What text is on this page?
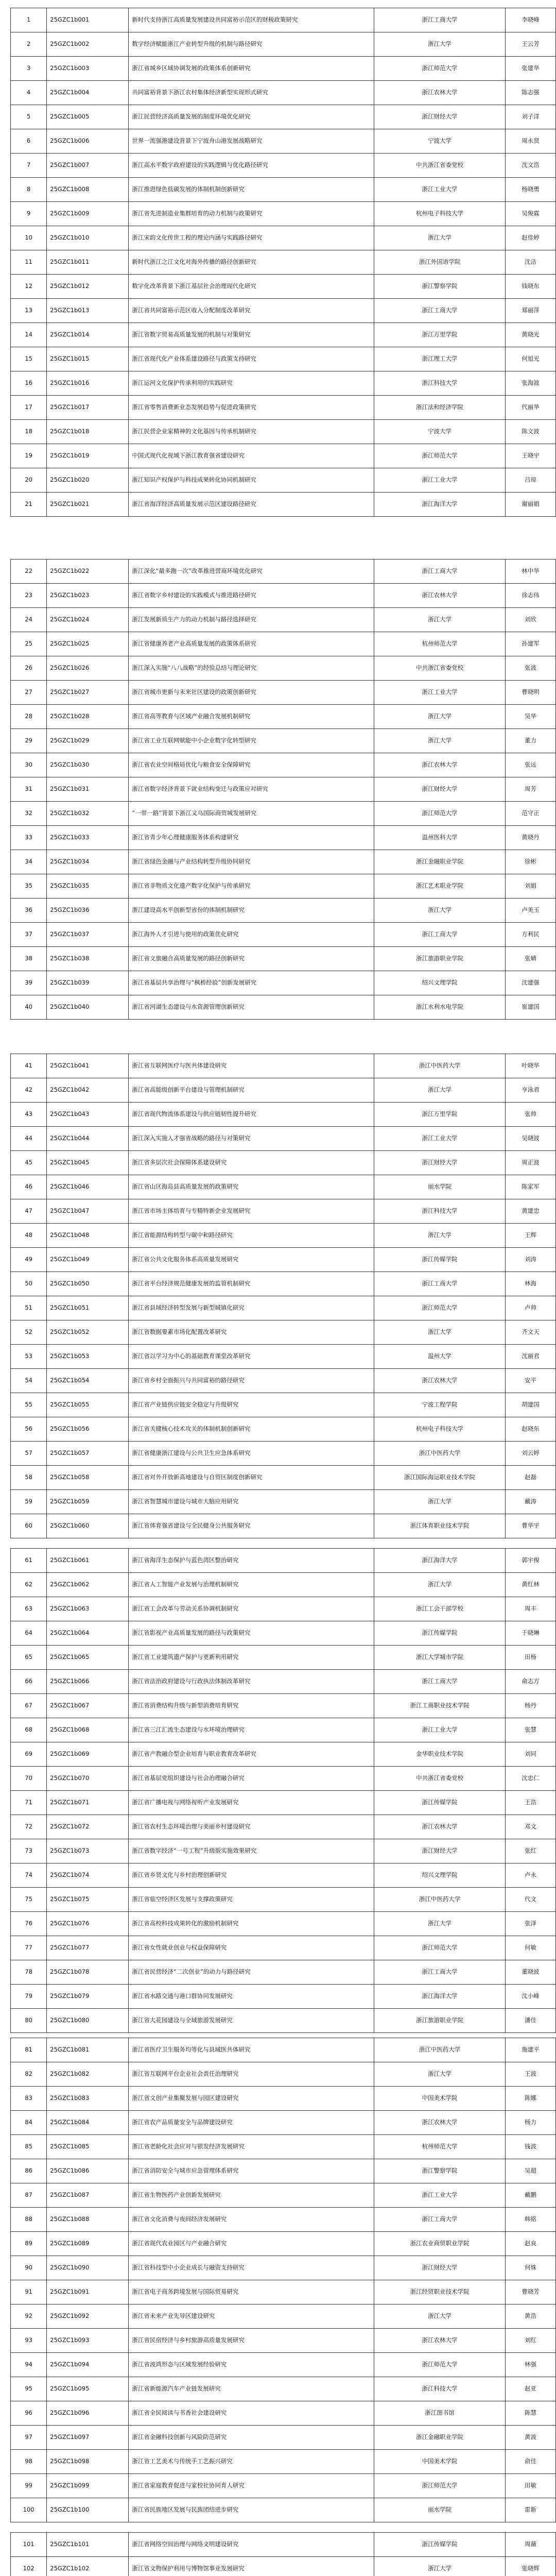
1	25GZC1b001	新时代支持浙江高质量发展建设共同富裕示范区的财税政策研究	浙江工商大学	李晓峰
2	25GZC1b002	数字经济赋能浙江产业转型升级的机制与路径研究	浙江大学	王云芳
3	25GZC1b003	浙江省城乡区域协调发展的政策体系创新研究	浙江师范大学	张建华
4	25GZC1b004	共同富裕背景下浙江农村集体经济新型实现形式研究	浙江农林大学	陈志强
5	25GZC1b005	浙江民营经济高质量发展的制度环境优化研究	浙江财经大学	刘子洋
6	25GZC1b006	世界一流强港建设背景下宁波舟山港发展战略研究	宁波大学	周永贤
7	25GZC1b007	浙江高水平数字政府建设的实践逻辑与优化路径研究	中共浙江省委党校	沈文浩
8	25GZC1b008	浙江推进绿色低碳发展的体制机制创新研究	浙江工业大学	杨晓勇
9	25GZC1b009	浙江省先进制造业集群培育的动力机制与政策研究	杭州电子科技大学	吴俊霖
10	25GZC1b010	浙江宋韵文化传世工程的理论内涵与实践路径研究	浙江大学	赵佳婷
11	25GZC1b011	新时代浙江之江文化对海外传播的路径创新研究	浙江外国语学院	沈洁
12	25GZC1b012	数字化改革背景下浙江基层社会治理现代化研究	浙江警察学院	钱晓东
13	25GZC1b013	浙江省共同富裕示范区收入分配制度改革研究	浙江工商大学	郑丽萍
14	25GZC1b014	浙江省数字贸易高质量发展的机制与对策研究	浙江万里学院	黄晓光
15	25GZC1b015	浙江省现代化产业体系建设路径与政策支持研究	浙江理工大学	何旭光
16	25GZC1b016	浙江运河文化保护传承利用的实践研究	浙江科技大学	张海波
17	25GZC1b017	浙江省零售消费新业态发展趋势与促进政策研究	浙江法和经济学院	代丽华
18	25GZC1b018	浙江民营企业家精神的文化基因与传承机制研究	宁波大学	陈文波
19	25GZC1b019	中国式现代化视域下浙江教育强省建设研究	浙江师范大学	王晓宇
20	25GZC1b020	浙江知识产权保护与科技成果转化协同机制研究	浙江工业大学	吕琼
21	25GZC1b021	浙江省海洋经济高质量发展示范区建设路径研究	浙江海洋大学	谢丽娟
22	25GZC1b022	浙江深化“最多跑一次”改革推进营商环境优化研究	浙江工商大学	林中华
23	25GZC1b023	浙江省数字乡村建设的实践模式与推进路径研究	浙江农林大学	徐志伟
24	25GZC1b024	浙江发展新质生产力的动力机制与路径选择研究	浙江大学	刘欣
25	25GZC1b025	浙江省健康养老产业高质量发展的政策体系研究	杭州师范大学	孙建军
26	25GZC1b026	浙江深入实施“八八战略”的经验总结与理论研究	中共浙江省委党校	张波
27	25GZC1b027	浙江省城市更新与未来社区建设的政策创新研究	浙江工业大学	曹晓明
28	25GZC1b028	浙江省高等教育与区域产业融合发展机制研究	浙江大学	吴华
29	25GZC1b029	浙江省工业互联网赋能中小企业数字化转型研究	浙江大学	董力
30	25GZC1b030	浙江省农业空间格局优化与粮食安全保障研究	浙江农林大学	张远
31	25GZC1b031	浙江省数字经济背景下就业结构变迁与政策应对研究	浙江财经大学	周芳
32	25GZC1b032	“一带一路”背景下浙江义乌国际商贸城发展研究	浙江师范大学	范守正
33	25GZC1b033	浙江省青少年心理健康服务体系构建研究	温州医科大学	黄晓丹
34	25GZC1b034	浙江省绿色金融与产业结构转型升级协同研究	浙江金融职业学院	徐彬
35	25GZC1b035	浙江省非物质文化遗产数字化保护与传承研究	浙江艺术职业学院	刘娟
36	25GZC1b036	浙江建设高水平创新型省份的体制机制研究	浙江大学	卢美玉
37	25GZC1b037	浙江海外人才引进与使用的政策优化研究	浙江工商大学	方利民
38	25GZC1b038	浙江省文旅融合高质量发展的路径创新研究	浙江旅游职业学院	张婧
39	25GZC1b039	浙江省基层共享治理与“枫桥经验”创新发展研究	绍兴文理学院	沈建强
40	25GZC1b040	浙江省河湖生态建设与水资源管理创新研究	浙江水利水电学院	崔建国
41	25GZC1b041	浙江省互联网医疗与医共体建设研究	浙江中医药大学	叶晓华
42	25GZC1b042	浙江省高能级创新平台建设与管理机制研究	浙江大学	亨泳君
43	25GZC1b043	浙江省现代物流体系建设与供应链韧性提升研究	浙江万里学院	张帅
44	25GZC1b044	浙江深入实施人才强省战略的路径与对策研究	浙江工业大学	吴晓波
45	25GZC1b045	浙江省多层次社会保障体系建设研究	浙江财经大学	周正波
46	25GZC1b046	浙江省山区海岛县高质量发展的政策研究	丽水学院	陈家军
47	25GZC1b047	浙江省市场主体培育与专精特新企业发展研究	浙江科技大学	黄建忠
48	25GZC1b048	浙江省能源结构转型与碳中和路径研究	浙江大学	王辉
49	25GZC1b049	浙江省公共文化服务体系高质量发展研究	浙江传媒学院	刘涛
50	25GZC1b050	浙江省平台经济规范健康发展的监管机制研究	浙江工商大学	林海
51	25GZC1b051	浙江省县域经济转型发展与新型城镇化研究	浙江师范大学	卢帅
52	25GZC1b052	浙江省数据要素市场化配置改革研究	浙江大学	齐文天
53	25GZC1b053	浙江省以学习为中心的基础教育课堂改革研究	温州大学	沈丽君
54	25GZC1b054	浙江省乡村全面振兴与共同富裕的路径研究	浙江农林大学	安平
55	25GZC1b055	浙江省产业链供应链安全稳定与升级研究	宁波工程学院	胡建国
56	25GZC1b056	浙江省关键核心技术攻关的体制机制创新研究	杭州电子科技大学	赵晓东
57	25GZC1b057	浙江省健康浙江建设与公共卫生应急体系研究	浙江中医药大学	刘云婷
58	25GZC1b058	浙江省对外开放新高地建设与自贸区制度创新研究	浙江国际海运职业技术学院	赵磊
59	25GZC1b059	浙江省智慧城市建设与城市大脑应用研究	浙江大学	戴涛
60	25GZC1b060	浙江省体育强省建设与全民健身公共服务研究	浙江体育职业技术学院	曹华宇
61	25GZC1b061	浙江省海洋生态保护与蓝色湾区整治研究	浙江海洋大学	郭宇俊
62	25GZC1b062	浙江省人工智能产业发展与治理机制研究	浙江大学	黄红林
63	25GZC1b063	浙江省工会改革与劳动关系协调机制研究	浙江工会干部学校	周丰
64	25GZC1b064	浙江省影视产业高质量发展的路径与政策研究	浙江传媒学院	于晓琳
65	25GZC1b065	浙江省工业建筑遗产保护与更新利用研究	浙江大学城市学院	田杨
66	25GZC1b066	浙江省法治政府建设与行政执法体制改革研究	浙江工商大学	俞志方
67	25GZC1b067	浙江省消费结构升级与新型消费培育研究	浙江工商职业技术学院	杨丹
68	25GZC1b068	浙江省三江汇流生态建设与水环境治理研究	浙江工业大学	张慧
69	25GZC1b069	浙江省产教融合型企业培育与职业教育改革研究	金华职业技术学院	刘同
70	25GZC1b070	浙江省基层党组织建设与社会治理融合研究	中共浙江省委党校	沈忠仁
71	25GZC1b071	浙江省广播电视与网络视听产业发展研究	浙江传媒学院	王浩
72	25GZC1b072	浙江省农村生态环境治理与美丽乡村建设研究	浙江农林大学	邓文
73	25GZC1b073	浙江省数字经济“一号工程”升级版实施效果研究	浙江财经大学	张红
74	25GZC1b074	浙江省乡贤文化与乡村治理创新研究	绍兴文理学院	卢永
75	25GZC1b075	浙江省临空经济区发展与支撑政策研究	浙江中医药大学	代文
76	25GZC1b076	浙江省高校科技成果转化的激励机制研究	浙江大学	张泽
77	25GZC1b077	浙江省女性就业创业与权益保障研究	浙江师范大学	何敏
78	25GZC1b078	浙江省民营经济“二次创业”的动力与路径研究	浙江工商大学	董晓波
79	25GZC1b079	浙江省水路交通与港口群协同发展研究	浙江海洋大学	沈小峰
80	25GZC1b080	浙江省大花园建设与全域旅游发展研究	浙江旅游职业学院	潘佳
81	25GZC1b081	浙江省医疗卫生服务均等化与县域医共体研究	浙江中医药大学	施建平
82	25GZC1b082	浙江省互联网平台企业社会责任治理研究	浙江大学	王波
83	25GZC1b083	浙江省文创产业集聚发展与园区建设研究	中国美术学院	陈娜
84	25GZC1b084	浙江省农产品质量安全与品牌建设研究	浙江农林大学	杨力
85	25GZC1b085	浙江省老龄化社会应对与银发经济发展研究	杭州师范大学	钱波
86	25GZC1b086	浙江省消防安全与城市应急管理体系研究	浙江警察学院	吴超
87	25GZC1b087	浙江省生物医药产业创新发展研究	浙江工业大学	戴鹏
88	25GZC1b088	浙江省文化消费与夜间经济发展研究	浙江工商大学	韩铭
89	25GZC1b089	浙江省现代农业园区与产业融合研究	浙江农业商贸职业学院	赵良
90	25GZC1b090	浙江省科技型中小企业成长与融资支持研究	浙江财经大学	何姝
91	25GZC1b091	浙江省电子商务跨境发展与国际贸易研究	浙江经贸职业技术学院	曹晓芳
92	25GZC1b092	浙江省未来产业先导区建设研究	浙江大学	黄浩
93	25GZC1b093	浙江省民宿经济与乡村旅游高质量发展研究	浙江农林大学	刘红
94	25GZC1b094	浙江省波鸿形态与区域发展经验研究	浙江师范大学	林强
95	25GZC1b095	浙江省新能源汽车产业链发展研究	浙江科技大学	赵亚
96	25GZC1b096	浙江省全民阅读与书香社会建设研究	浙江图书馆	陈慧
97	25GZC1b097	浙江省金融科技创新与风险防范研究	浙江金融职业学院	黄波
98	25GZC1b098	浙江省工艺美术与传统手工艺振兴研究	中国美术学院	俞佳
99	25GZC1b099	浙江省家庭教育促进与家校社协同育人研究	浙江师范大学	田敏
100	25GZC1b100	浙江省民族地区发展与民族团结进步研究	丽水学院	雷新
101	25GZC1b101	浙江省网络空间治理与网络文明建设研究	浙江传媒学院	周薇
102	25GZC1b102	浙江省文物保护利用与博物馆事业发展研究	浙江大学	张晓辉
